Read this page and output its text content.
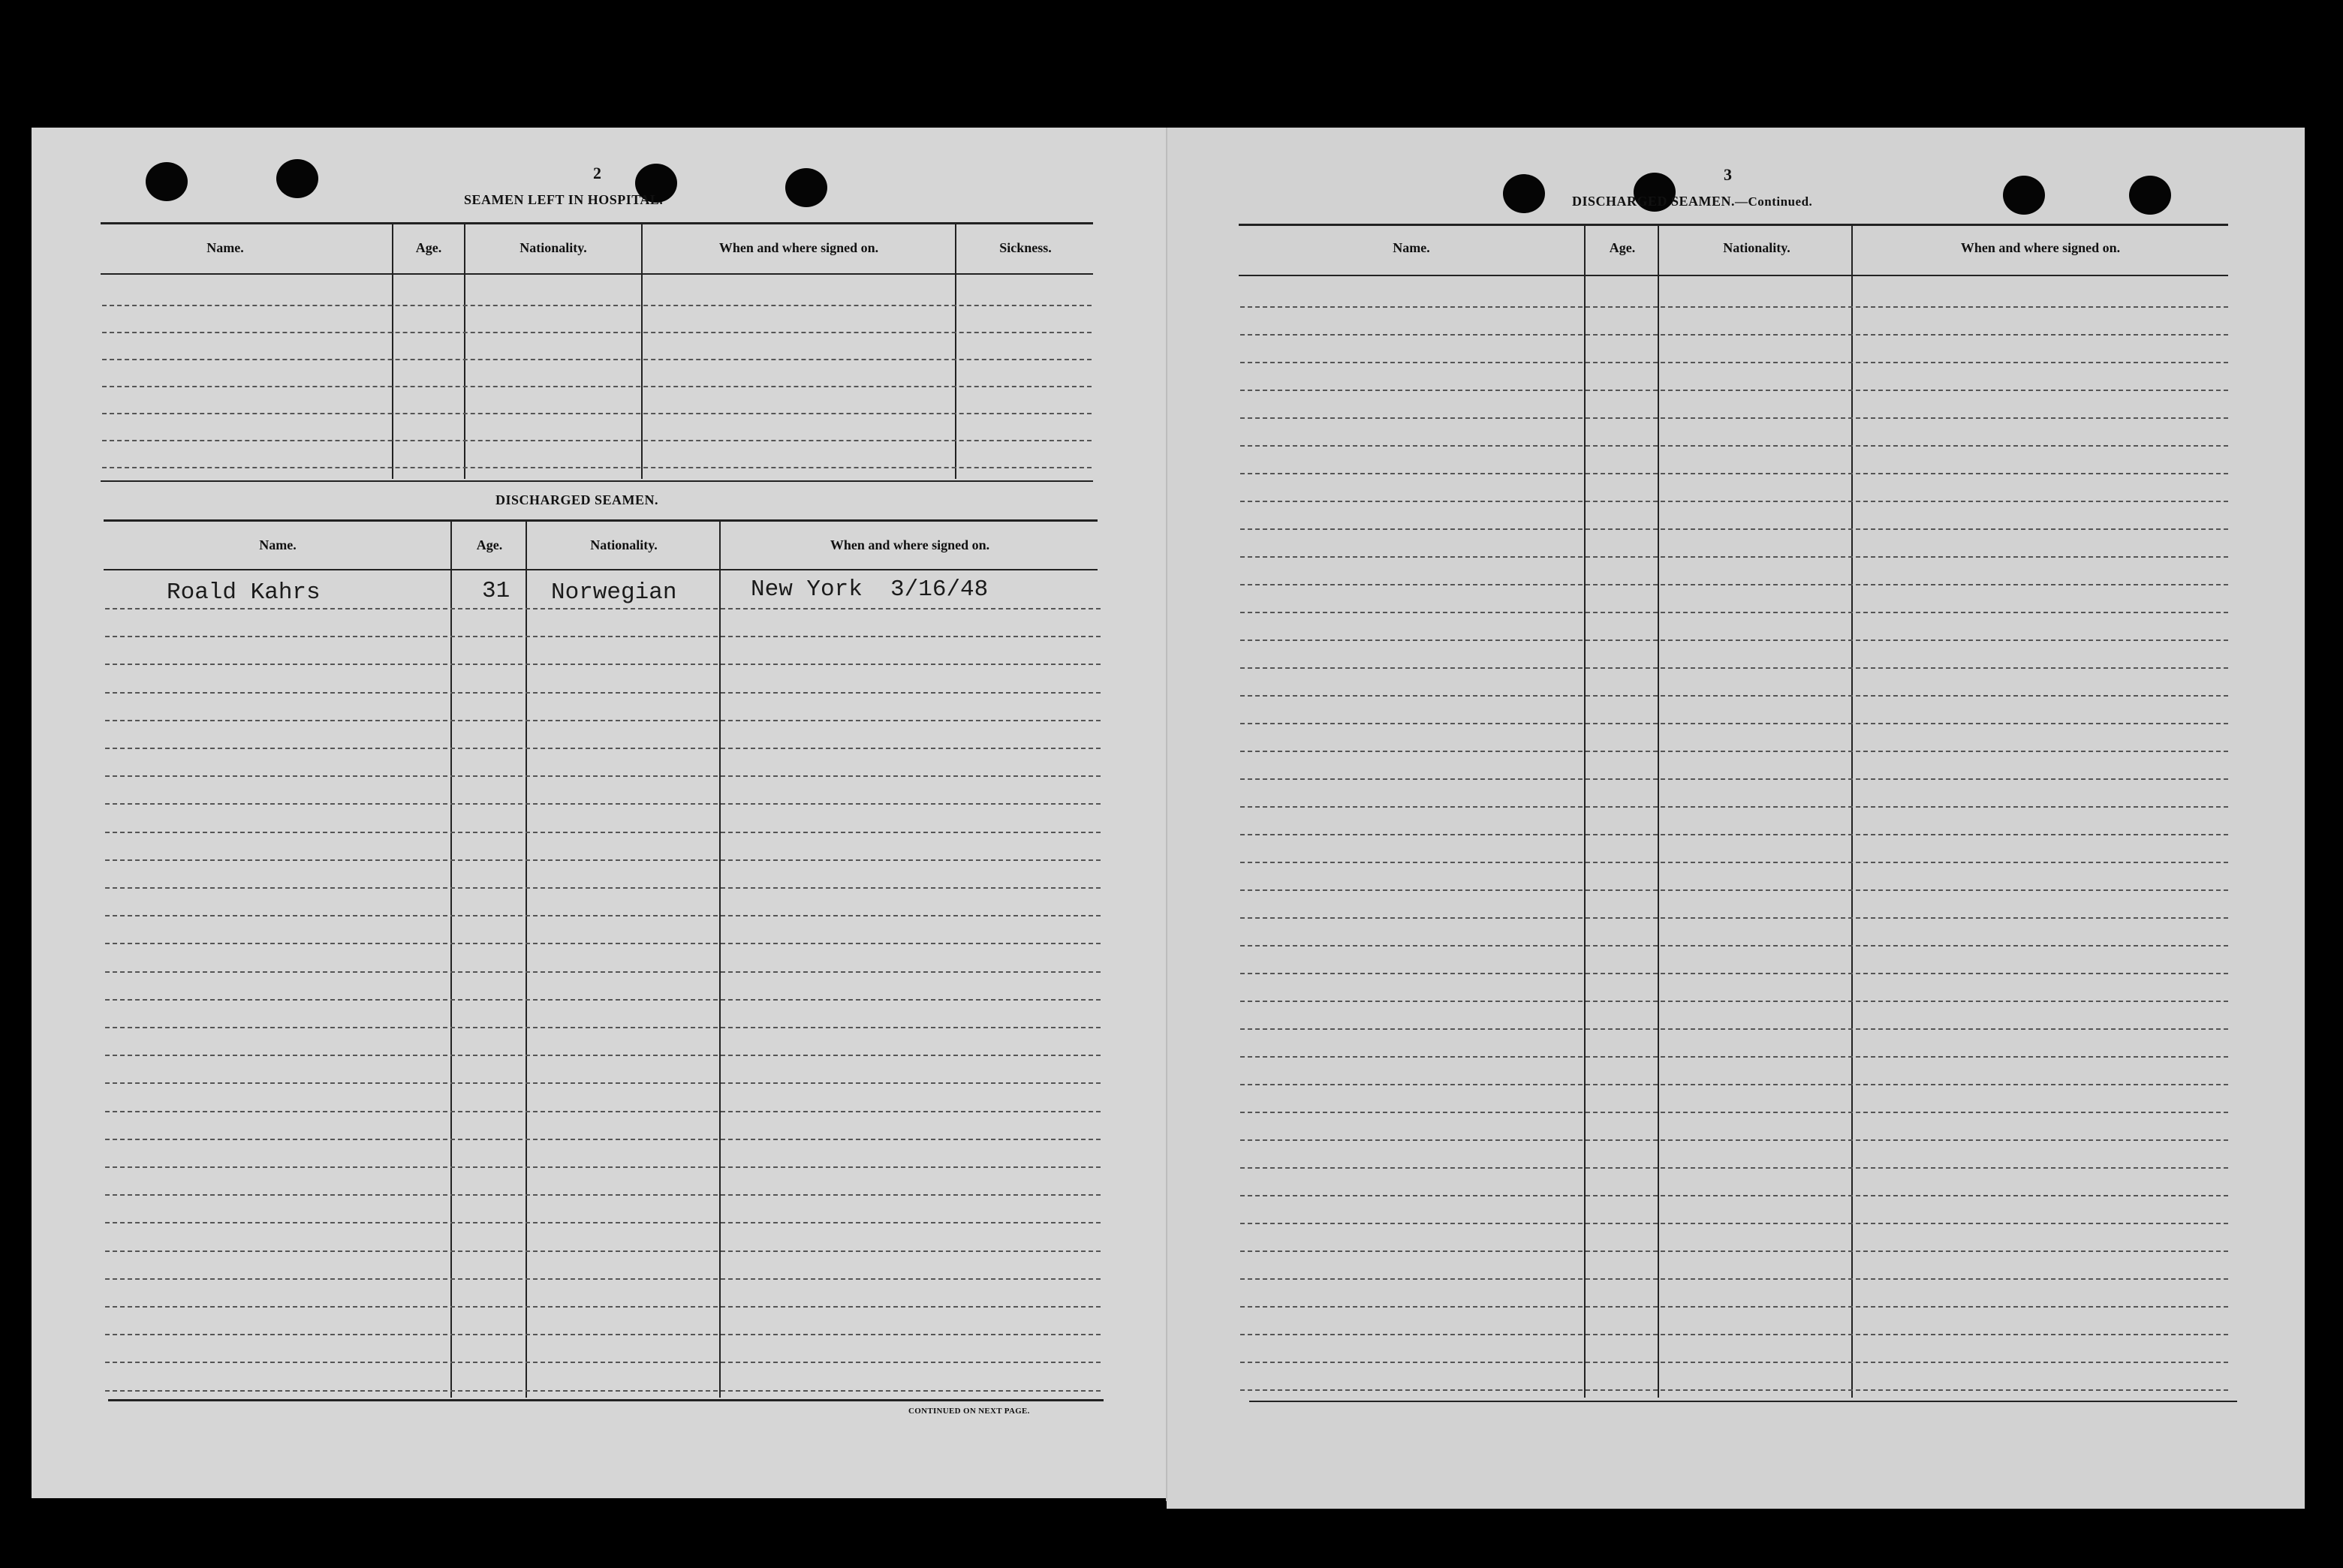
2
SEAMEN LEFT IN HOSPITAL.
Name.	Age.	Nationality.	When and where signed on.	Sickness.
DISCHARGED SEAMEN.
Name.	Age.	Nationality.	When and where signed on.
Roald Kahrs	31 Norwegian	New York  3/16/48
CONTINUED ON NEXT PAGE.
3
DISCHARGED SEAMEN.—Continued.
Name.	Age.	Nationality.	When and where signed on.
